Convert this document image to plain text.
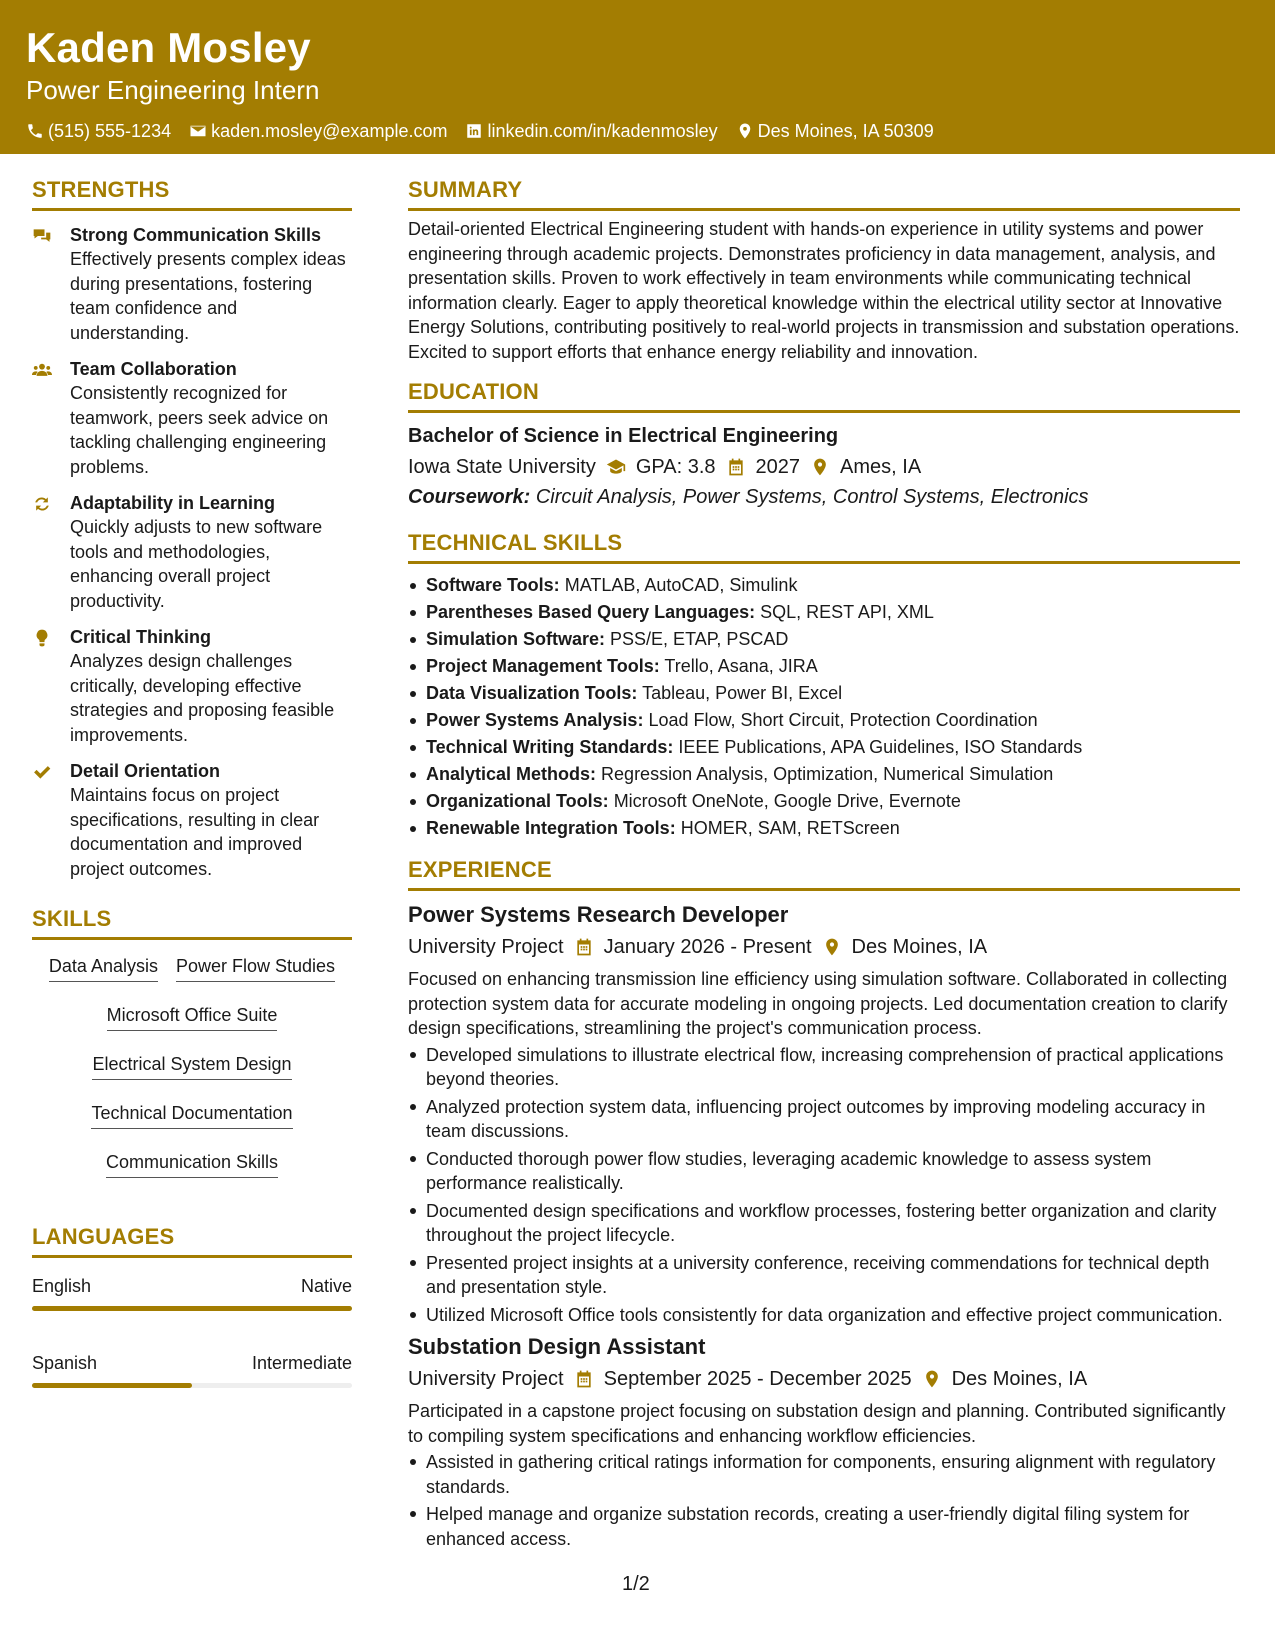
Kaden Mosley
Power Engineering Intern
(515) 555-1234 kaden.mosley@example.com linkedin.com/in/kadenmosley Des Moines, IA 50309
STRENGTHS
Strong Communication Skills
Effectively presents complex ideas during presentations, fostering team confidence and understanding.
Team Collaboration
Consistently recognized for teamwork, peers seek advice on tackling challenging engineering problems.
Adaptability in Learning
Quickly adjusts to new software tools and methodologies, enhancing overall project productivity.
Critical Thinking
Analyzes design challenges critically, developing effective strategies and proposing feasible improvements.
Detail Orientation
Maintains focus on project specifications, resulting in clear documentation and improved project outcomes.
SKILLS
Data Analysis Power Flow Studies
Microsoft Office Suite
Electrical System Design
Technical Documentation
Communication Skills
LANGUAGES
English	Native
Spanish	Intermediate
SUMMARY
Detail-oriented Electrical Engineering student with hands-on experience in utility systems and power engineering through academic projects. Demonstrates proficiency in data management, analysis, and presentation skills. Proven to work effectively in team environments while communicating technical information clearly. Eager to apply theoretical knowledge within the electrical utility sector at Innovative Energy Solutions, contributing positively to real-world projects in transmission and substation operations. Excited to support efforts that enhance energy reliability and innovation.
EDUCATION
Bachelor of Science in Electrical Engineering
Iowa State University GPA: 3.8 2027 Ames, IA
Coursework: Circuit Analysis, Power Systems, Control Systems, Electronics
TECHNICAL SKILLS
Software Tools: MATLAB, AutoCAD, Simulink
Parentheses Based Query Languages: SQL, REST API, XML
Simulation Software: PSS/E, ETAP, PSCAD
Project Management Tools: Trello, Asana, JIRA
Data Visualization Tools: Tableau, Power BI, Excel
Power Systems Analysis: Load Flow, Short Circuit, Protection Coordination
Technical Writing Standards: IEEE Publications, APA Guidelines, ISO Standards
Analytical Methods: Regression Analysis, Optimization, Numerical Simulation
Organizational Tools: Microsoft OneNote, Google Drive, Evernote
Renewable Integration Tools: HOMER, SAM, RETScreen
EXPERIENCE
Power Systems Research Developer
University Project January 2026 - Present Des Moines, IA
Focused on enhancing transmission line efficiency using simulation software. Collaborated in collecting protection system data for accurate modeling in ongoing projects. Led documentation creation to clarify design specifications, streamlining the project's communication process.
Developed simulations to illustrate electrical flow, increasing comprehension of practical applications beyond theories.
Analyzed protection system data, influencing project outcomes by improving modeling accuracy in team discussions.
Conducted thorough power flow studies, leveraging academic knowledge to assess system performance realistically.
Documented design specifications and workflow processes, fostering better organization and clarity throughout the project lifecycle.
Presented project insights at a university conference, receiving commendations for technical depth and presentation style.
Utilized Microsoft Office tools consistently for data organization and effective project communication.
Substation Design Assistant
University Project September 2025 - December 2025 Des Moines, IA
Participated in a capstone project focusing on substation design and planning. Contributed significantly to compiling system specifications and enhancing workflow efficiencies.
Assisted in gathering critical ratings information for components, ensuring alignment with regulatory standards.
Helped manage and organize substation records, creating a user-friendly digital filing system for enhanced access.
1/2
